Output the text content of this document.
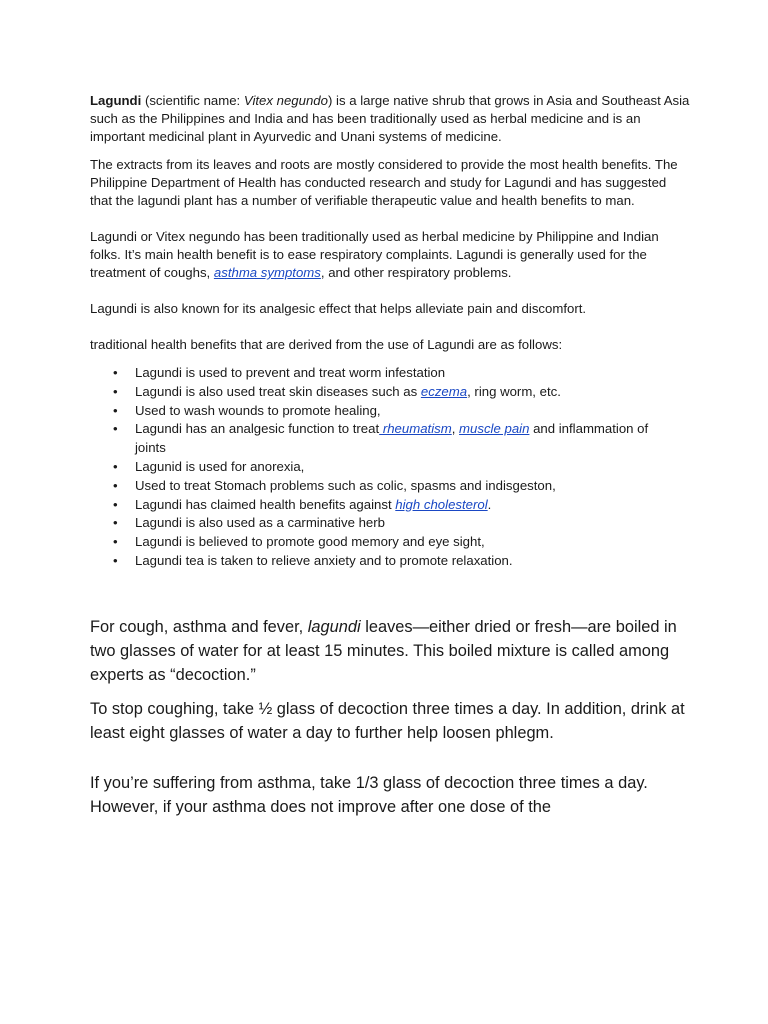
Lagundi (scientific name: Vitex negundo) is a large native shrub that grows in Asia and Southeast Asia such as the Philippines and India and has been traditionally used as herbal medicine and is an important medicinal plant in Ayurvedic and Unani systems of medicine.

The extracts from its leaves and roots are mostly considered to provide the most health benefits. The Philippine Department of Health has conducted research and study for Lagundi and has suggested that the lagundi plant has a number of verifiable therapeutic value and health benefits to man.

Lagundi or Vitex negundo has been traditionally used as herbal medicine by Philippine and Indian folks. It’s main health benefit is to ease respiratory complaints. Lagundi is generally used for the treatment of coughs, asthma symptoms, and other respiratory problems.

Lagundi is also known for its analgesic effect that helps alleviate pain and discomfort.

traditional health benefits that are derived from the use of Lagundi are as follows:

• Lagundi is used to prevent and treat worm infestation
• Lagundi is also used treat skin diseases such as eczema, ring worm, etc.
• Used to wash wounds to promote healing,
• Lagundi has an analgesic function to treat rheumatism, muscle pain and inflammation of joints
• Lagunid is used for anorexia,
• Used to treat Stomach problems such as colic, spasms and indisgeston,
• Lagundi has claimed health benefits against high cholesterol.
• Lagundi is also used as a carminative herb
• Lagundi is believed to promote good memory and eye sight,
• Lagundi tea is taken to relieve anxiety and to promote relaxation.

For cough, asthma and fever, lagundi leaves—either dried or fresh—are boiled in two glasses of water for at least 15 minutes. This boiled mixture is called among experts as “decoction.”

To stop coughing, take ½ glass of decoction three times a day. In addition, drink at least eight glasses of water a day to further help loosen phlegm.

If you’re suffering from asthma, take 1/3 glass of decoction three times a day. However, if your asthma does not improve after one dose of the
